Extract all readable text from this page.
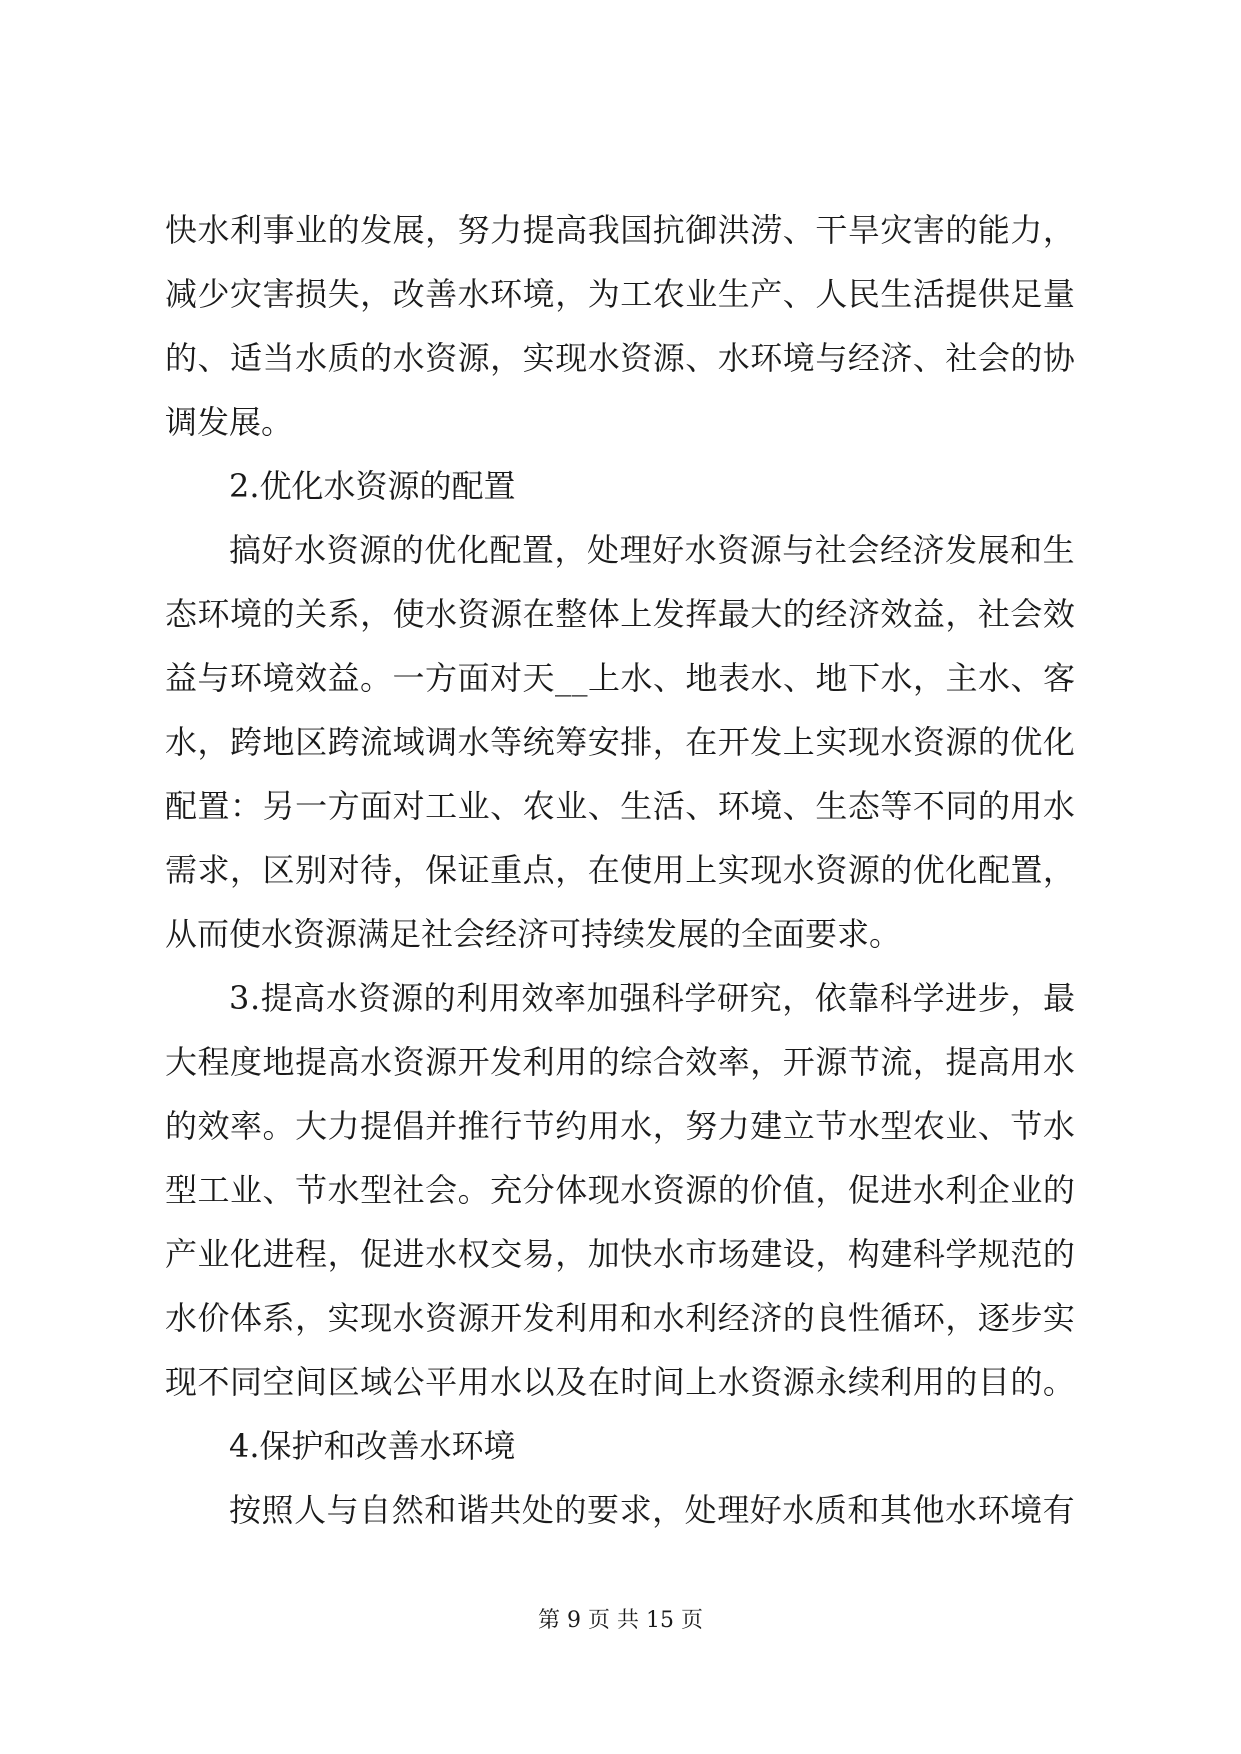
快 水 利 事 业 的 发 展 ， 努 力 提 高 我 国 抗 御 洪 涝 、 干 旱 灾 害 的 能 力 ，
减 少 灾 害 损 失 ， 改 善 水 环 境 ， 为 工 农 业 生 产 、 人 民 生 活 提 供 足 量
的 、 适 当 水 质 的 水 资 源 ， 实 现 水 资 源 、 水 环 境 与 经 济 、 社 会 的 协
调发展。
2.优化水资源的配置
搞 好 水 资 源 的 优 化 配 置 ， 处 理 好 水 资 源 与 社 会 经 济 发 展 和 生
态 环 境 的 关 系 ， 使 水 资 源 在 整 体 上 发 挥 最 大 的 经 济 效 益 ， 社 会 效
益 与 环 境 效 益 。 一 方 面 对 天 _ _ 上 水 、 地 表 水 、 地 下 水 ， 主 水 、 客
水 ， 跨 地 区 跨 流 域 调 水 等 统 筹 安 排 ， 在 开 发 上 实 现 水 资 源 的 优 化
配 置 ： 另 一 方 面 对 工 业 、 农 业 、 生 活 、 环 境 、 生 态 等 不 同 的 用 水
需 求 ， 区 别 对 待 ， 保 证 重 点 ， 在 使 用 上 实 现 水 资 源 的 优 化 配 置 ，
从而使水资源满足社会经济可持续发展的全面要求。
3 . 提 高 水 资 源 的 利 用 效 率 加 强 科 学 研 究 ， 依 靠 科 学 进 步 ， 最
大 程 度 地 提 高 水 资 源 开 发 利 用 的 综 合 效 率 ， 开 源 节 流 ， 提 高 用 水
的 效 率 。 大 力 提 倡 并 推 行 节 约 用 水 ， 努 力 建 立 节 水 型 农 业 、 节 水
型 工 业 、 节 水 型 社 会 。 充 分 体 现 水 资 源 的 价 值 ， 促 进 水 利 企 业 的
产 业 化 进 程 ， 促 进 水 权 交 易 ， 加 快 水 市 场 建 设 ， 构 建 科 学 规 范 的
水 价 体 系 ， 实 现 水 资 源 开 发 利 用 和 水 利 经 济 的 良 性 循 环 ， 逐 步 实
现 不 同 空 间 区 域 公 平 用 水 以 及 在 时 间 上 水 资 源 永 续 利 用 的 目 的 。
4.保护和改善水环境
按 照 人 与 自 然 和 谐 共 处 的 要 求 ， 处 理 好 水 质 和 其 他 水 环 境 有
第 9 页 共 15 页
